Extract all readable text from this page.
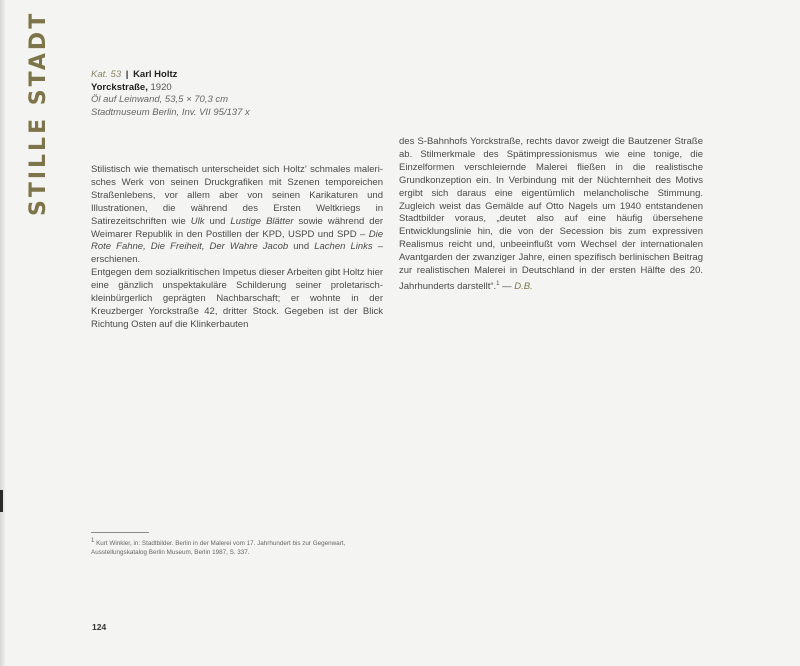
STILLE STADT	Kat. 53 | Karl Holtz
Yorckstraße, 1920
Öl auf Leinwand, 53,5 × 70,3 cm
Stadtmuseum Berlin, Inv. VII 95/137 x

Stilistisch wie thematisch unterscheidet sich Holtz’ schmales malerisches Werk von seinen Druckgrafiken mit Szenen temporeichen Straßenlebens, vor allem aber von seinen Karikaturen und Illustrationen, die während des Ersten Weltkriegs in Satirezeitschriften wie Ulk und Lustige Blätter sowie während der Weimarer Republik in den Postillen der KPD, USPD und SPD – Die Rote Fahne, Die Freiheit, Der Wahre Jacob und Lachen Links – erschienen.

Entgegen dem sozialkritischen Impetus dieser Arbeiten gibt Holtz hier eine gänzlich unspektakuläre Schilderung seiner proletarisch-kleinbürgerlich geprägten Nachbarschaft; er wohnte in der Kreuzberger Yorckstraße 42, dritter Stock. Gegeben ist der Blick Richtung Osten auf die Klinkerbauten

des S-Bahnhofs Yorckstraße, rechts davor zweigt die Bautzener Straße ab. Stilmerkmale des Spätimpressionismus wie eine tonige, die Einzelformen verschleiernde Malerei fließen in die realistische Grundkonzeption ein. In Verbindung mit der Nüchternheit des Motivs ergibt sich daraus eine eigentümlich melancholische Stimmung. Zugleich weist das Gemälde auf Otto Nagels um 1940 entstandenen Stadtbilder voraus, „deutet also auf eine häufig übersehene Entwicklungslinie hin, die von der Secession bis zum expressiven Realismus reicht und, unbeeinflußt vom Wechsel der internationalen Avantgarden der zwanziger Jahre, einen spezifisch berlinischen Beitrag zur realistischen Malerei in Deutschland in der ersten Hälfte des 20. Jahrhunderts darstellt“.$^1$ — D.B.

$^1$ Kurt Winkler, in: Stadtbilder. Berlin in der Malerei vom 17. Jahrhundert bis zur Gegenwart, Ausstellungskatalog Berlin Museum, Berlin 1987, S. 337.
124
